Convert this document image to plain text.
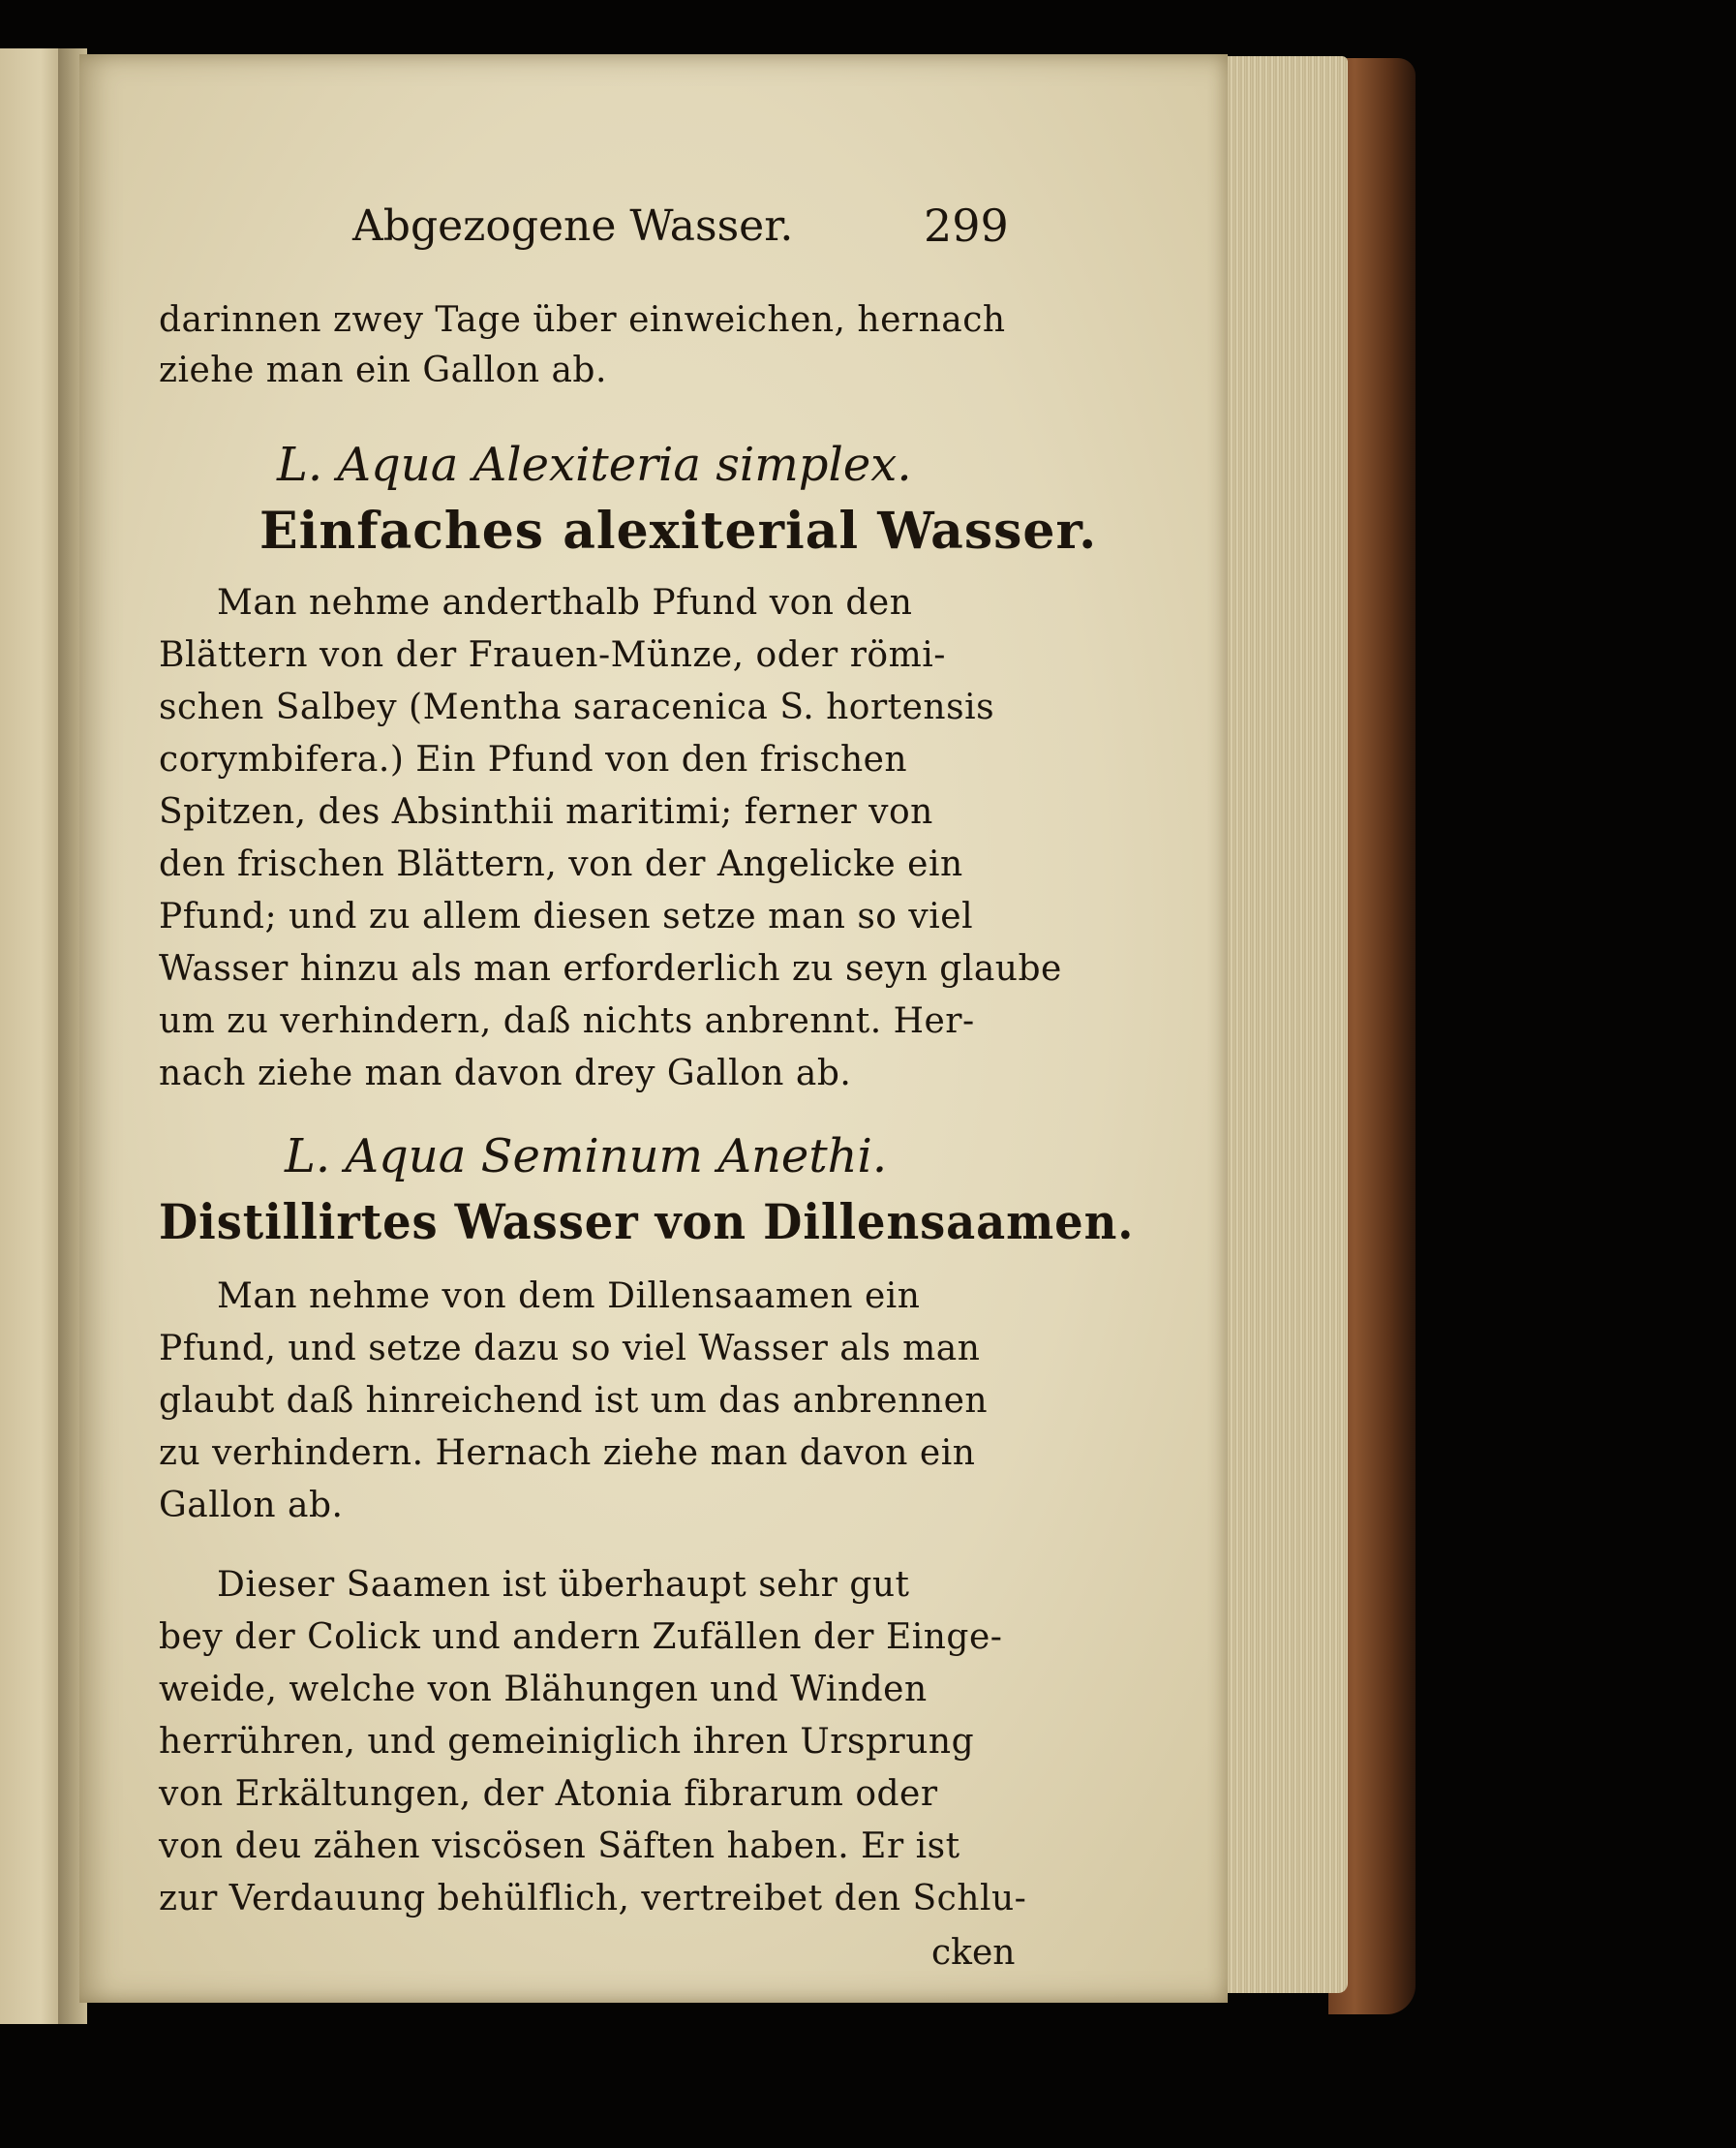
Abgezogene Wasser.	299
darinnen zwey Tage über einweichen, hernach
ziehe man ein Gallon ab.
L. Aqua Alexiteria simplex.
Einfaches alexiterial Wasser.
Man nehme anderthalb Pfund von den
Blättern von der Frauen-Münze, oder römi-
schen Salbey (Mentha saracenica S. hortensis
corymbifera.) Ein Pfund von den frischen
Spitzen, des Absinthii maritimi; ferner von
den frischen Blättern, von der Angelicke ein
Pfund; und zu allem diesen setze man so viel
Wasser hinzu als man erforderlich zu seyn glaube
um zu verhindern, daß nichts anbrennt. Her-
nach ziehe man davon drey Gallon ab.
L. Aqua Seminum Anethi.
Distillirtes Wasser von Dillensaamen.
Man nehme von dem Dillensaamen ein
Pfund, und setze dazu so viel Wasser als man
glaubt daß hinreichend ist um das anbrennen
zu verhindern. Hernach ziehe man davon ein
Gallon ab.
Dieser Saamen ist überhaupt sehr gut
bey der Colick und andern Zufällen der Einge-
weide, welche von Blähungen und Winden
herrühren, und gemeiniglich ihren Ursprung
von Erkältungen, der Atonia fibrarum oder
von deu zähen viscösen Säften haben. Er ist
zur Verdauung behülflich, vertreibet den Schlu-
cken
